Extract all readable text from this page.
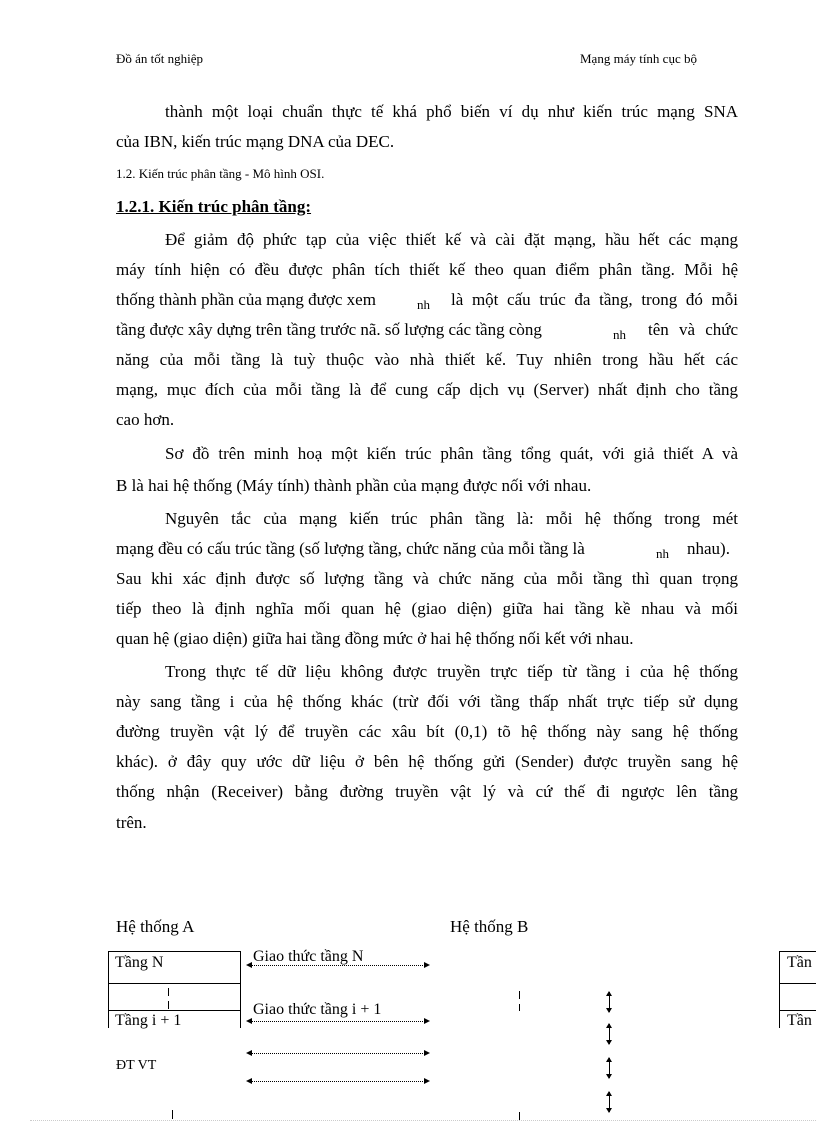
Đồ án tốt nghiệp	Mạng máy tính cục bộ
thành một loại chuẩn thực tế khá phổ biến ví dụ như kiến trúc mạng SNA
của IBN, kiến trúc mạng DNA của DEC.
1.2. Kiến trúc phân tầng - Mô hình OSI.
1.2.1. Kiến trúc phân tầng:
Để giảm độ phức tạp của việc thiết kế và cài đặt mạng, hầu hết các mạng
máy tính hiện có đều được phân tích thiết kế theo quan điểm phân tầng. Mỗi hệ
thống thành phần của mạng được xem	nh là một cấu trúc đa tầng, trong đó mỗi
tầng được xây dựng trên tầng trước nã. số lượng các tầng còng	nh tên và chức
năng của mỗi tầng là tuỳ thuộc vào nhà thiết kế. Tuy nhiên trong hầu hết các
mạng, mục đích của mỗi tầng là để cung cấp dịch vụ (Server) nhất định cho tầng
cao hơn.
Sơ đồ trên minh hoạ một kiến trúc phân tầng tổng quát, với giả thiết A và
B là hai hệ thống (Máy tính) thành phần của mạng được nối với nhau.
Nguyên tắc của mạng kiến trúc phân tầng là: mỗi hệ thống trong mét
mạng đều có cấu trúc tầng (số lượng tầng, chức năng của mỗi tầng là	nh nhau).
Sau khi xác định được số lượng tầng và chức năng của mỗi tầng thì quan trọng
tiếp theo là định nghĩa mối quan hệ (giao diện) giữa hai tầng kề nhau và mối
quan hệ (giao diện) giữa hai tầng đồng mức ở hai hệ thống nối kết với nhau.
Trong thực tế dữ liệu không được truyền trực tiếp từ tầng i của hệ thống
này sang tầng i của hệ thống khác (trừ đối với tầng thấp nhất trực tiếp sử dụng
đường truyền vật lý để truyền các xâu bít (0,1) tõ hệ thống này sang hệ thống
khác). ở đây quy ước dữ liệu ở bên hệ thống gửi (Sender) được truyền sang hệ
thống nhận (Receiver) bằng đường truyền vật lý và cứ thế đi ngược lên tầng
trên.
Hệ thống A	Hệ thống B
Tầng N
Tầng i + 1
Giao thức tầng N
Giao thức tầng i + 1
ĐT VT
Tần
Tần
